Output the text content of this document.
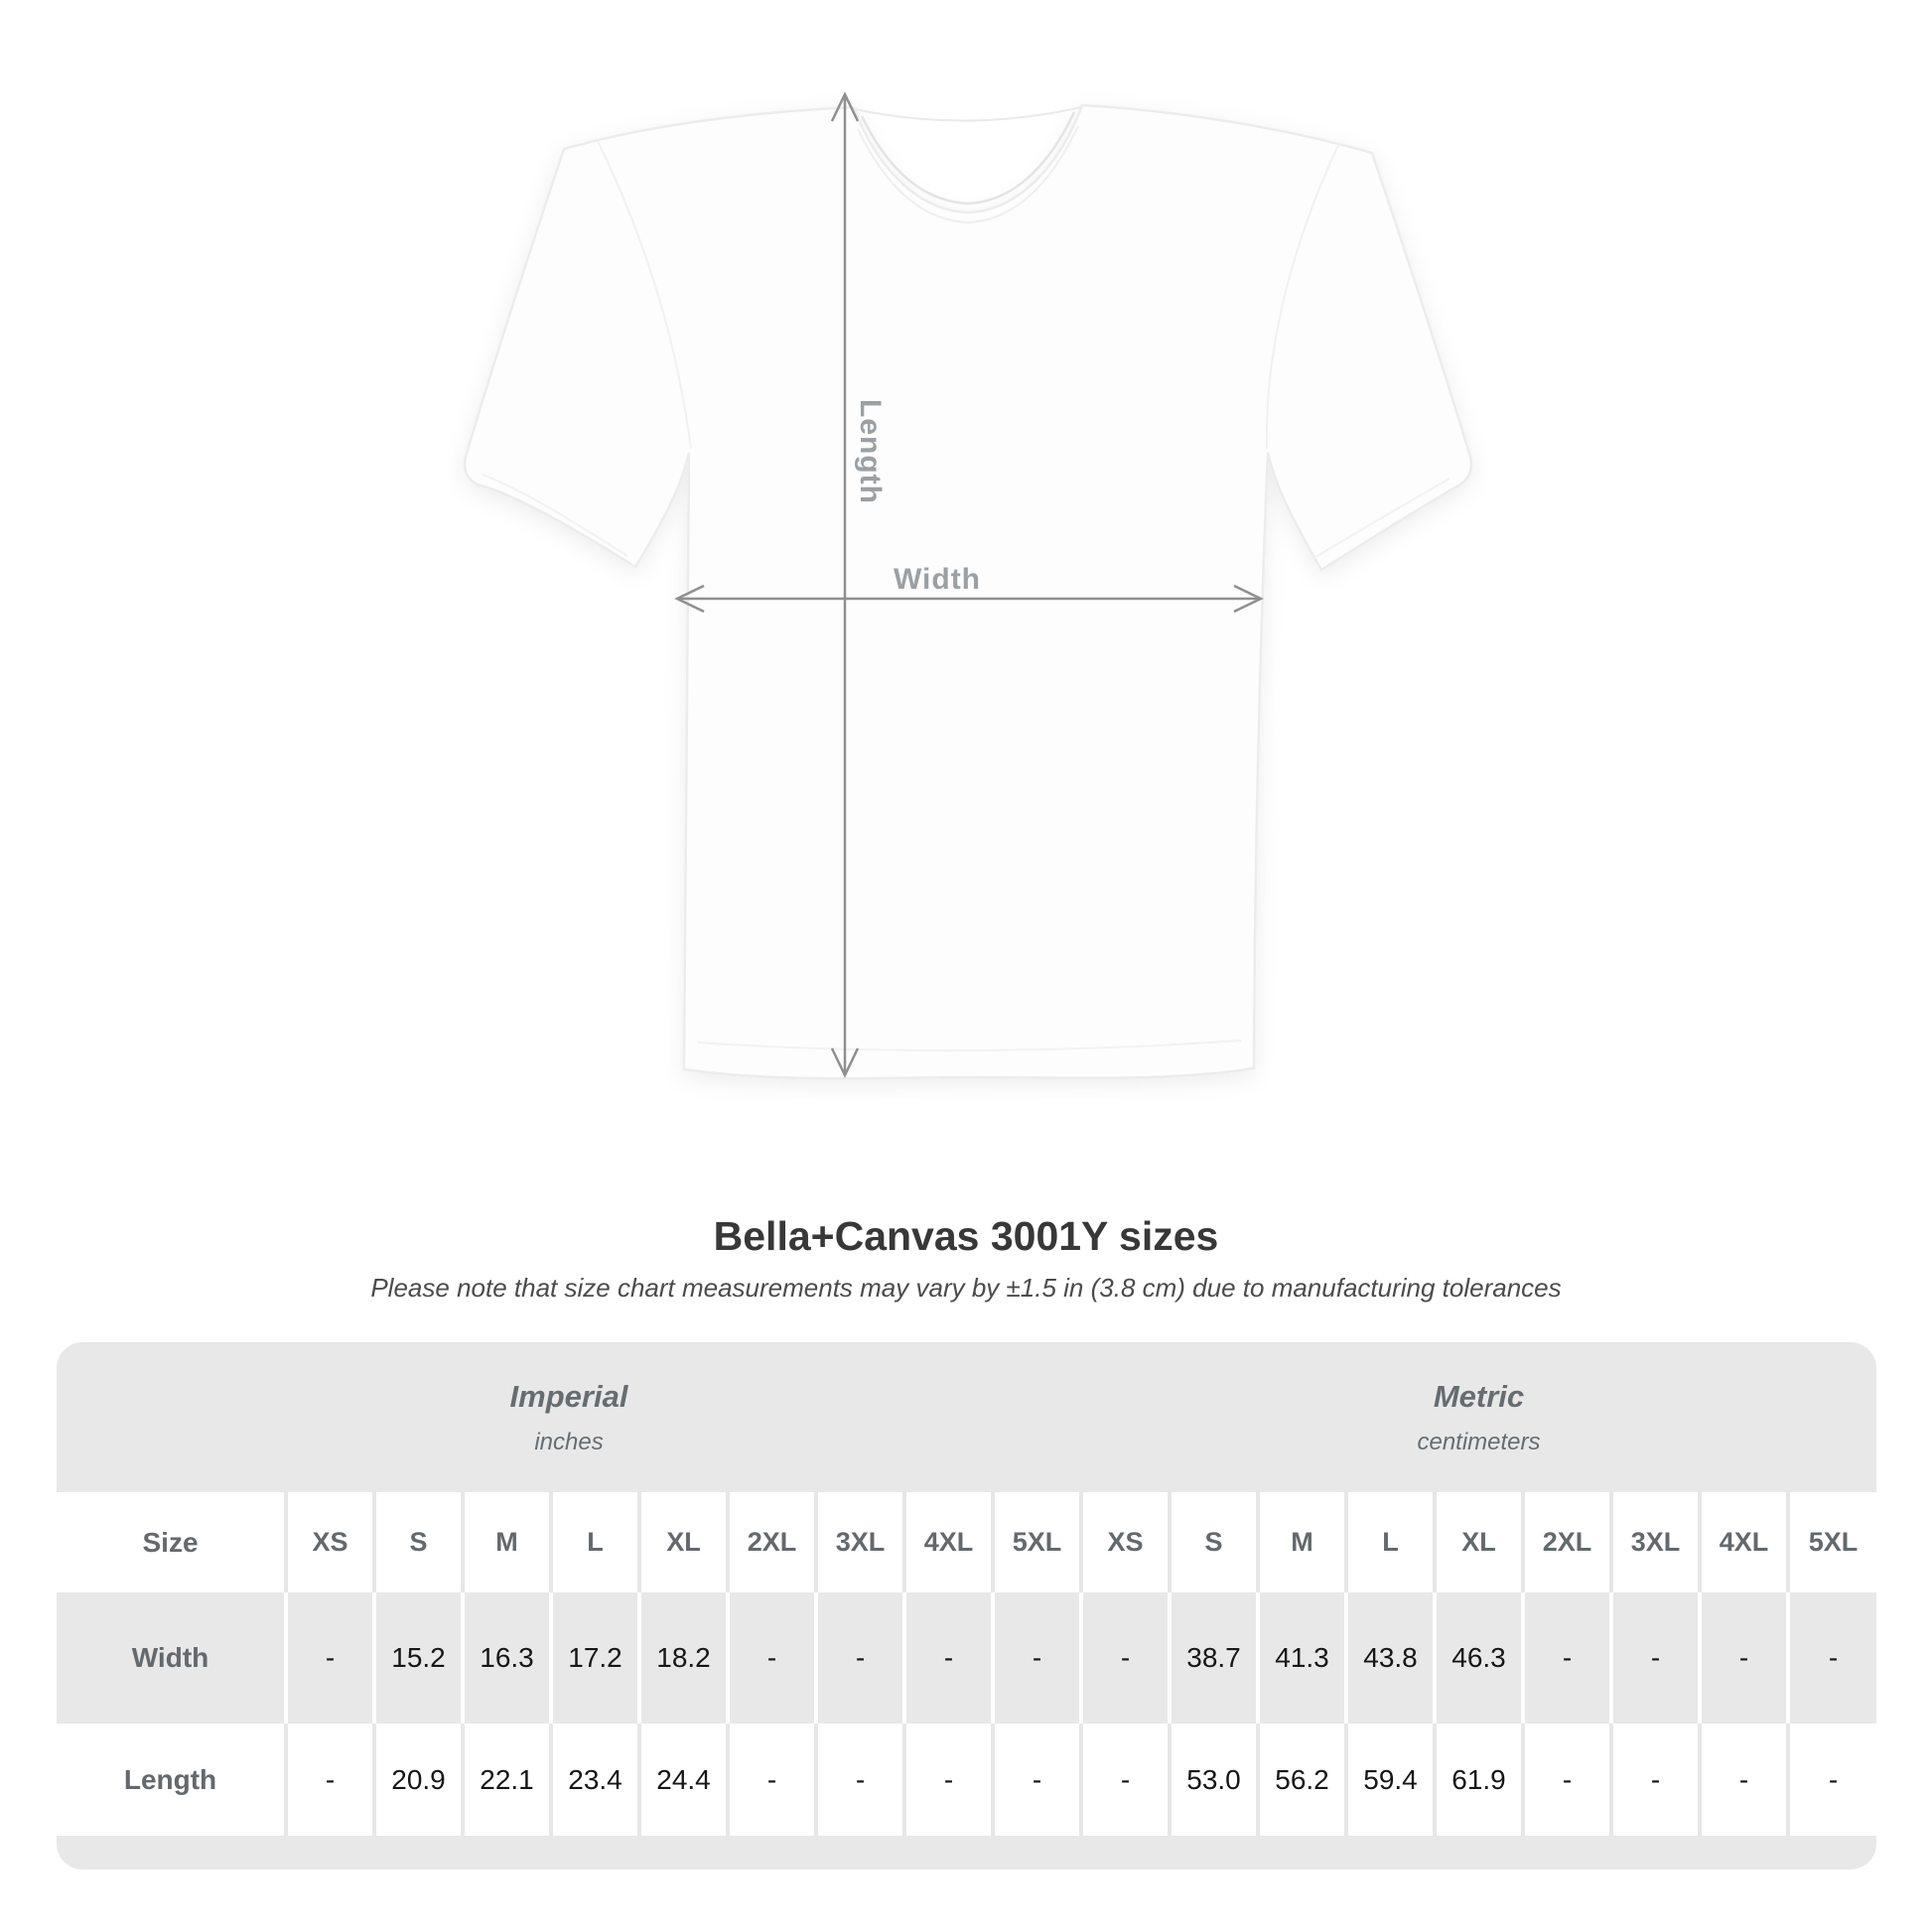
Length
Width
Bella+Canvas 3001Y sizes

Please note that size chart measurements may vary by ±1.5 in (3.8 cm) due to manufacturing tolerances

Imperial
inches

Metric
centimeters

Size	XS	S	M	L	XL	2XL	3XL	4XL	5XL	XS	S	M	L	XL	2XL	3XL	4XL	5XL
Width	-	15.2	16.3	17.2	18.2	-	-	-	-	-	38.7	41.3	43.8	46.3	-	-	-	-
Length	-	20.9	22.1	23.4	24.4	-	-	-	-	-	53.0	56.2	59.4	61.9	-	-	-	-
